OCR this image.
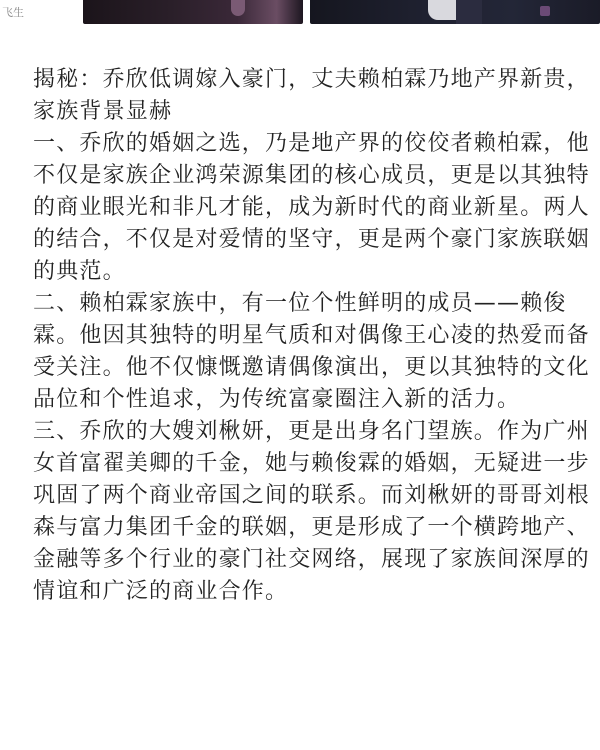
飞生

揭秘：乔欣低调嫁入豪门，丈夫赖柏霖乃地产界新贵，家族背景显赫

一、乔欣的婚姻之选，乃是地产界的佼佼者赖柏霖，他不仅是家族企业鸿荣源集团的核心成员，更是以其独特的商业眼光和非凡才能，成为新时代的商业新星。两人的结合，不仅是对爱情的坚守，更是两个豪门家族联姻的典范。

二、赖柏霖家族中，有一位个性鲜明的成员——赖俊霖。他因其独特的明星气质和对偶像王心凌的热爱而备受关注。他不仅慷慨邀请偶像演出，更以其独特的文化品位和个性追求，为传统富豪圈注入新的活力。

三、乔欣的大嫂刘楸妍，更是出身名门望族。作为广州女首富翟美卿的千金，她与赖俊霖的婚姻，无疑进一步巩固了两个商业帝国之间的联系。而刘楸妍的哥哥刘根森与富力集团千金的联姻，更是形成了一个横跨地产、金融等多个行业的豪门社交网络，展现了家族间深厚的情谊和广泛的商业合作。
